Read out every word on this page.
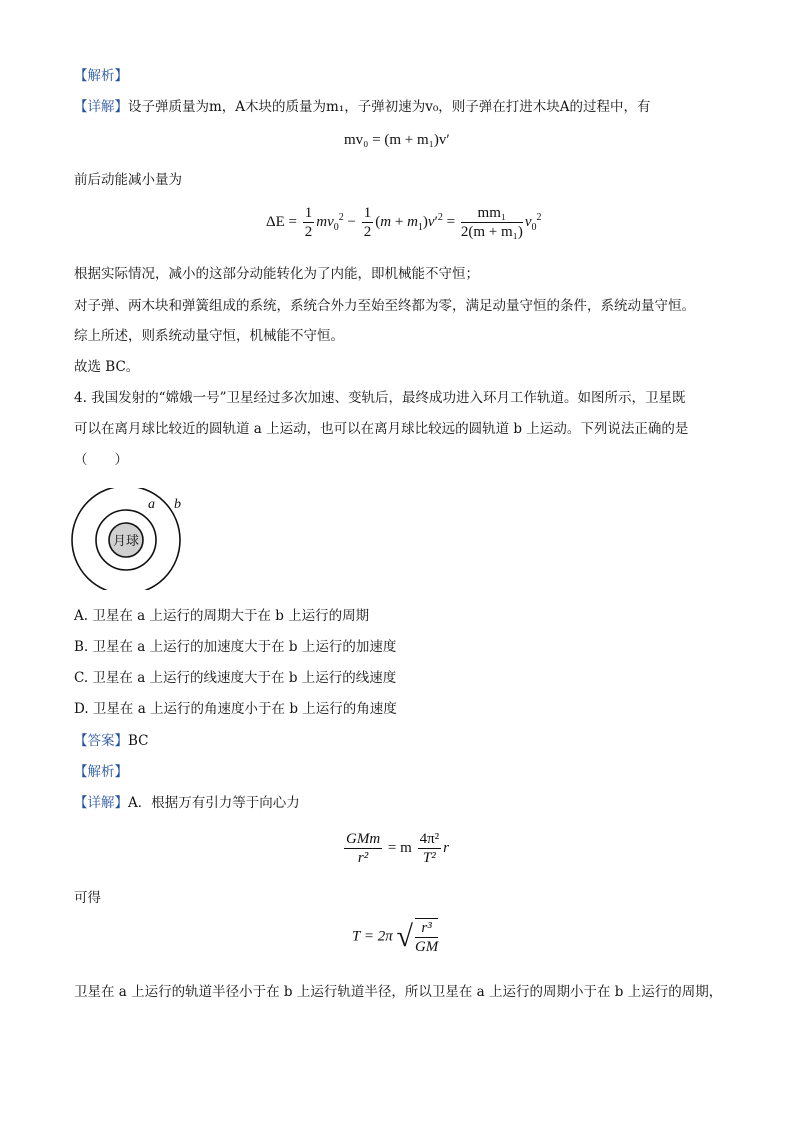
【解析】
【详解】设子弹质量为m，A木块的质量为m₁，子弹初速为v₀，则子弹在打进木块A的过程中，有
mv₀ = (m + m₁)v′
前后动能减小量为
$\Delta E = \frac{1}{2} mv_0^2 - \frac{1}{2} (m + m_1)v'^2 = \frac{\text{mm₁}}{\text{2(m + m₁)}} v_0^2$
根据实际情况，减小的这部分动能转化为了内能，即机械能不守恒；
对子弹、两木块和弹簧组成的系统，系统合外力至始至终都为零，满足动量守恒的条件，系统动量守恒。
综上所述，则系统动量守恒，机械能不守恒。
故选 BC。
4. 我国发射的“嫦娥一号”卫星经过多次加速、变轨后，最终成功进入环月工作轨道。如图所示，卫星既
可以在离月球比较近的圆轨道 a 上运动，也可以在离月球比较远的圆轨道 b 上运动。下列说法正确的是
（　　）
月球
a b
A. 卫星在 a 上运行的周期大于在 b 上运行的周期
B. 卫星在 a 上运行的加速度大于在 b 上运行的加速度
C. 卫星在 a 上运行的线速度大于在 b 上运行的线速度
D. 卫星在 a 上运行的角速度小于在 b 上运行的角速度
【答案】BC
【解析】
【详解】A．根据万有引力等于向心力
$\frac{\text{GMm}}{\text{r²}} = m \frac{\text{4π²}}{\text{T²}}$ r
可得
T = 2π √ $\frac{\text{r³}}{GM}$
卫星在 a 上运行的轨道半径小于在 b 上运行轨道半径，所以卫星在 a 上运行的周期小于在 b 上运行的周期，
